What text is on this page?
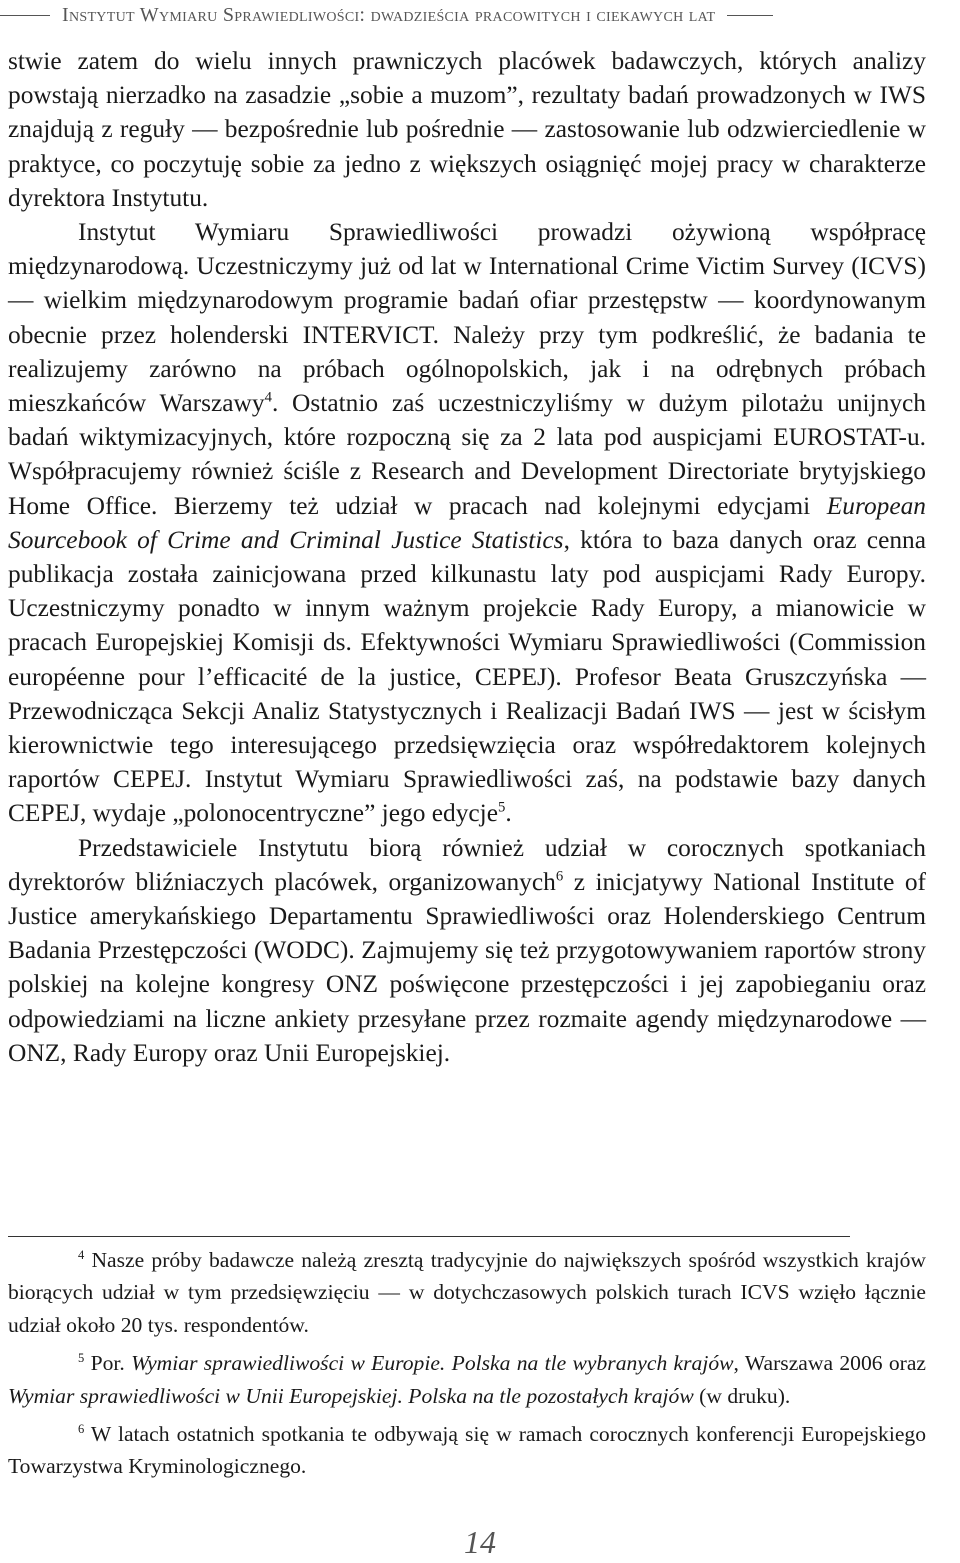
Instytut Wymiaru Sprawiedliwości: dwadzieścia pracowitych i ciekawych lat

stwie zatem do wielu innych prawniczych placówek badawczych, których analizy powstają nierzadko na zasadzie „sobie a muzom”, rezultaty badań prowadzonych w IWS znajdują z reguły — bezpośrednie lub pośrednie — zastosowanie lub odzwierciedlenie w praktyce, co poczytuję sobie za jedno z większych osiągnięć mojej pracy w charakterze dyrektora Instytutu.

Instytut Wymiaru Sprawiedliwości prowadzi ożywioną współpracę międzynarodową. Uczestniczymy już od lat w International Crime Victim Survey (ICVS) — wielkim międzynarodowym programie badań ofiar przestępstw — koordynowanym obecnie przez holenderski INTERVICT. Należy przy tym podkreślić, że badania te realizujemy zarówno na próbach ogólnopolskich, jak i na odrębnych próbach mieszkańców Warszawy$^4$. Ostatnio zaś uczestniczyliśmy w dużym pilotażu unijnych badań wiktymizacyjnych, które rozpoczną się za 2 lata pod auspicjami EUROSTAT-u. Współpracujemy również ściśle z Research and Development Directoriate brytyjskiego Home Office. Bierzemy też udział w pracach nad kolejnymi edycjami European Sourcebook of Crime and Criminal Justice Statistics, która to baza danych oraz cenna publikacja została zainicjowana przed kilkunastu laty pod auspicjami Rady Europy. Uczestniczymy ponadto w innym ważnym projekcie Rady Europy, a mianowicie w pracach Europejskiej Komisji ds. Efektywności Wymiaru Sprawiedliwości (Commission européenne pour l’efficacité de la justice, CEPEJ). Profesor Beata Gruszczyńska — Przewodnicząca Sekcji Analiz Statystycznych i Realizacji Badań IWS — jest w ścisłym kierownictwie tego interesującego przedsięwzięcia oraz współredaktorem kolejnych raportów CEPEJ. Instytut Wymiaru Sprawiedliwości zaś, na podstawie bazy danych CEPEJ, wydaje „polonocentryczne” jego edycje$^5$.

Przedstawiciele Instytutu biorą również udział w corocznych spotkaniach dyrektorów bliźniaczych placówek, organizowanych$^6$ z inicjatywy National Institute of Justice amerykańskiego Departamentu Sprawiedliwości oraz Holenderskiego Centrum Badania Przestępczości (WODC). Zajmujemy się też przygotowywaniem raportów strony polskiej na kolejne kongresy ONZ poświęcone przestępczości i jej zapobieganiu oraz odpowiedziami na liczne ankiety przesyłane przez rozmaite agendy międzynarodowe — ONZ, Rady Europy oraz Unii Europejskiej.

$^4$ Nasze próby badawcze należą zresztą tradycyjnie do największych spośród wszystkich krajów biorących udział w tym przedsięwzięciu — w dotychczasowych polskich turach ICVS wzięło łącznie udział około 20 tys. respondentów.

$^5$ Por. Wymiar sprawiedliwości w Europie. Polska na tle wybranych krajów, Warszawa 2006 oraz Wymiar sprawiedliwości w Unii Europejskiej. Polska na tle pozostałych krajów (w druku).

$^6$ W latach ostatnich spotkania te odbywają się w ramach corocznych konferencji Europejskiego Towarzystwa Kryminologicznego.

14
